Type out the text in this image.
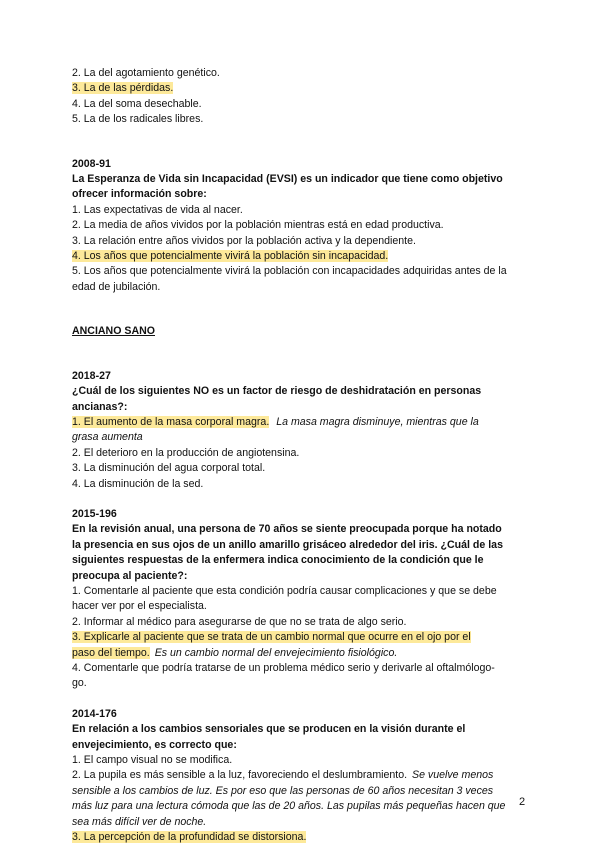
2. La del agotamiento genético.
3. La de las pérdidas.
4. La del soma desechable.
5. La de los radicales libres.
2008-91
La Esperanza de Vida sin Incapacidad (EVSI) es un indicador que tiene como objetivo
ofrecer información sobre:
1. Las expectativas de vida al nacer.
2. La media de años vividos por la población mientras está en edad productiva.
3. La relación entre años vividos por la población activa y la dependiente.
4. Los años que potencialmente vivirá la población sin incapacidad.
5. Los años que potencialmente vivirá la población con incapacidades adquiridas antes de la
edad de jubilación.
ANCIANO SANO
2018-27
¿Cuál de los siguientes NO es un factor de riesgo de deshidratación en personas
ancianas?:
1. El aumento de la masa corporal magra. La masa magra disminuye, mientras que la
grasa aumenta
2. El deterioro en la producción de angiotensina.
3. La disminución del agua corporal total.
4. La disminución de la sed.
2015-196
En la revisión anual, una persona de 70 años se siente preocupada porque ha notado
la presencia en sus ojos de un anillo amarillo grisáceo alrededor del iris. ¿Cuál de las
siguientes respuestas de la enfermera indica conocimiento de la condición que le
preocupa al paciente?:
1. Comentarle al paciente que esta condición podría causar complicaciones y que se debe
hacer ver por el especialista.
2. Informar al médico para asegurarse de que no se trata de algo serio.
3. Explicarle al paciente que se trata de un cambio normal que ocurre en el ojo por el
paso del tiempo. Es un cambio normal del envejecimiento fisiológico.
4. Comentarle que podría tratarse de un problema médico serio y derivarle al oftalmólogo-
go.
2014-176
En relación a los cambios sensoriales que se producen en la visión durante el
envejecimiento, es correcto que:
1. El campo visual no se modifica.
2. La pupila es más sensible a la luz, favoreciendo el deslumbramiento. Se vuelve menos
sensible a los cambios de luz. Es por eso que las personas de 60 años necesitan 3 veces
más luz para una lectura cómoda que las de 20 años. Las pupilas más pequeñas hacen que
sea más difícil ver de noche.
3. La percepción de la profundidad se distorsiona.
2
